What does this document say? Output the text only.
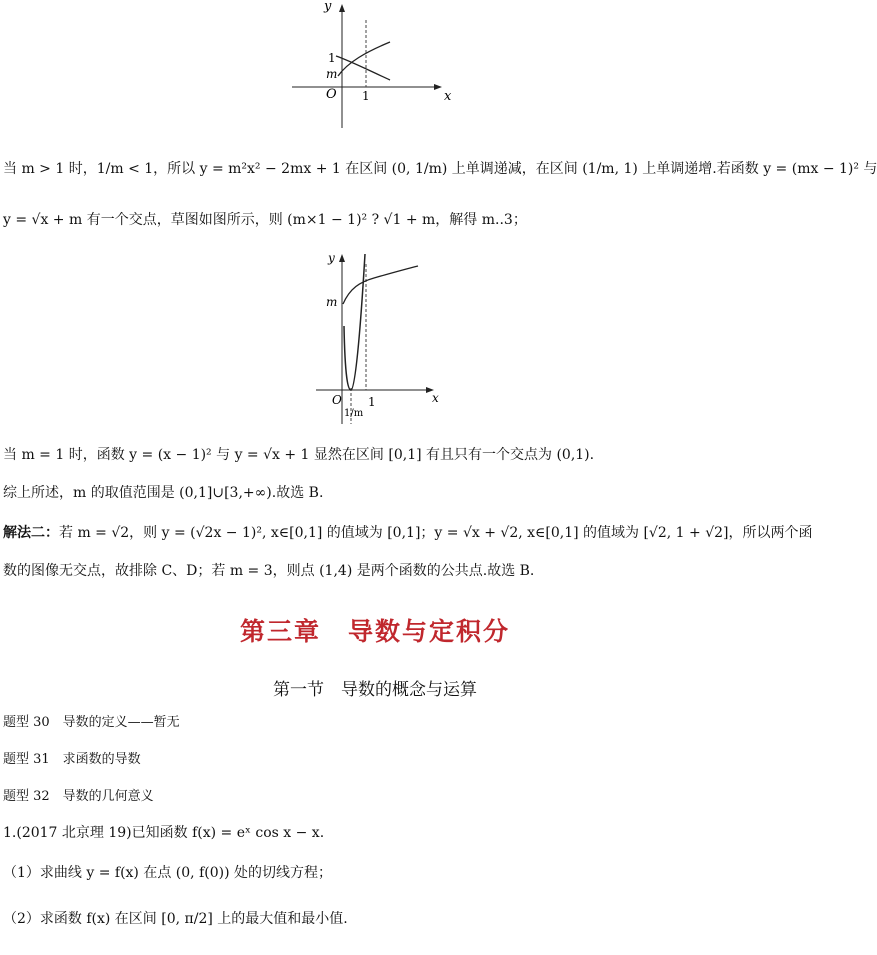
y
x
O
1
m
1
当 m > 1 时，1/m < 1，所以 y = m²x² − 2mx + 1 在区间 (0, 1/m) 上单调递减，在区间 (1/m, 1) 上单调递增.若函数 y = (mx − 1)² 与
y = √x + m 有一个交点，草图如图所示，则 (m×1 − 1)² ? √1 + m，解得 m..3；
y
x
O
m
1/m
1
当 m = 1 时，函数 y = (x − 1)² 与 y = √x + 1 显然在区间 [0,1] 有且只有一个交点为 (0,1).
综上所述，m 的取值范围是 (0,1]∪[3,+∞).故选 B.
解法二：若 m = √2，则 y = (√2x − 1)², x∈[0,1] 的值域为 [0,1]；y = √x + √2, x∈[0,1] 的值域为 [√2, 1 + √2]，所以两个函
数的图像无交点，故排除 C、D；若 m = 3，则点 (1,4) 是两个函数的公共点.故选 B.
第三章　导数与定积分
第一节　导数的概念与运算
题型 30　导数的定义——暂无
题型 31　求函数的导数
题型 32　导数的几何意义
1.(2017 北京理 19)已知函数 f(x) = eˣ cos x − x.
（1）求曲线 y = f(x) 在点 (0, f(0)) 处的切线方程；
（2）求函数 f(x) 在区间 [0, π/2] 上的最大值和最小值.
